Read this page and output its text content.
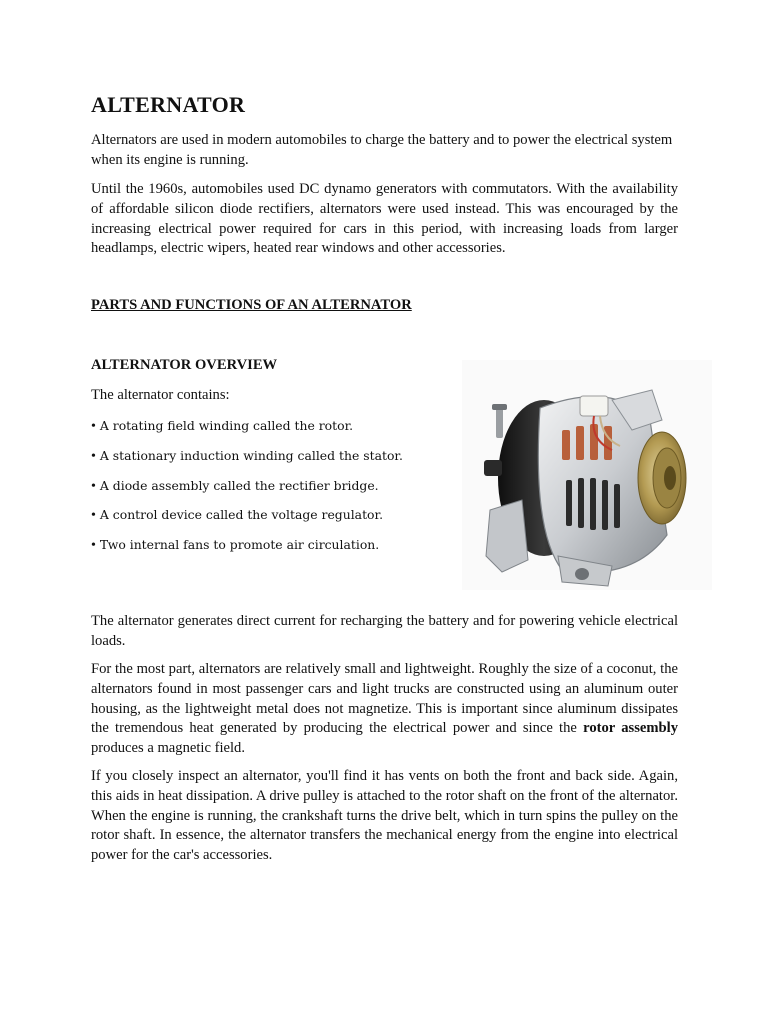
ALTERNATOR

Alternators are used in modern automobiles to charge the battery and to power the electrical system when its engine is running.

Until the 1960s, automobiles used DC dynamo generators with commutators. With the availability of affordable silicon diode rectifiers, alternators were used instead. This was encouraged by the increasing electrical power required for cars in this period, with increasing loads from larger headlamps, electric wipers, heated rear windows and other accessories.

PARTS AND FUNCTIONS OF AN ALTERNATOR
ALTERNATOR OVERVIEW

The alternator contains:

• A rotating field winding called the rotor.
• A stationary induction winding called the stator.
• A diode assembly called the rectifier bridge.
• A control device called the voltage regulator.
• Two internal fans to promote air circulation.

The alternator generates direct current for recharging the battery and for powering vehicle electrical loads.

For the most part, alternators are relatively small and lightweight. Roughly the size of a coconut, the alternators found in most passenger cars and light trucks are constructed using an aluminum outer housing, as the lightweight metal does not magnetize. This is important since aluminum dissipates the tremendous heat generated by producing the electrical power and since the rotor assembly produces a magnetic field.

If you closely inspect an alternator, you'll find it has vents on both the front and back side. Again, this aids in heat dissipation. A drive pulley is attached to the rotor shaft on the front of the alternator. When the engine is running, the crankshaft turns the drive belt, which in turn spins the pulley on the rotor shaft. In essence, the alternator transfers the mechanical energy from the engine into electrical power for the car's accessories.
